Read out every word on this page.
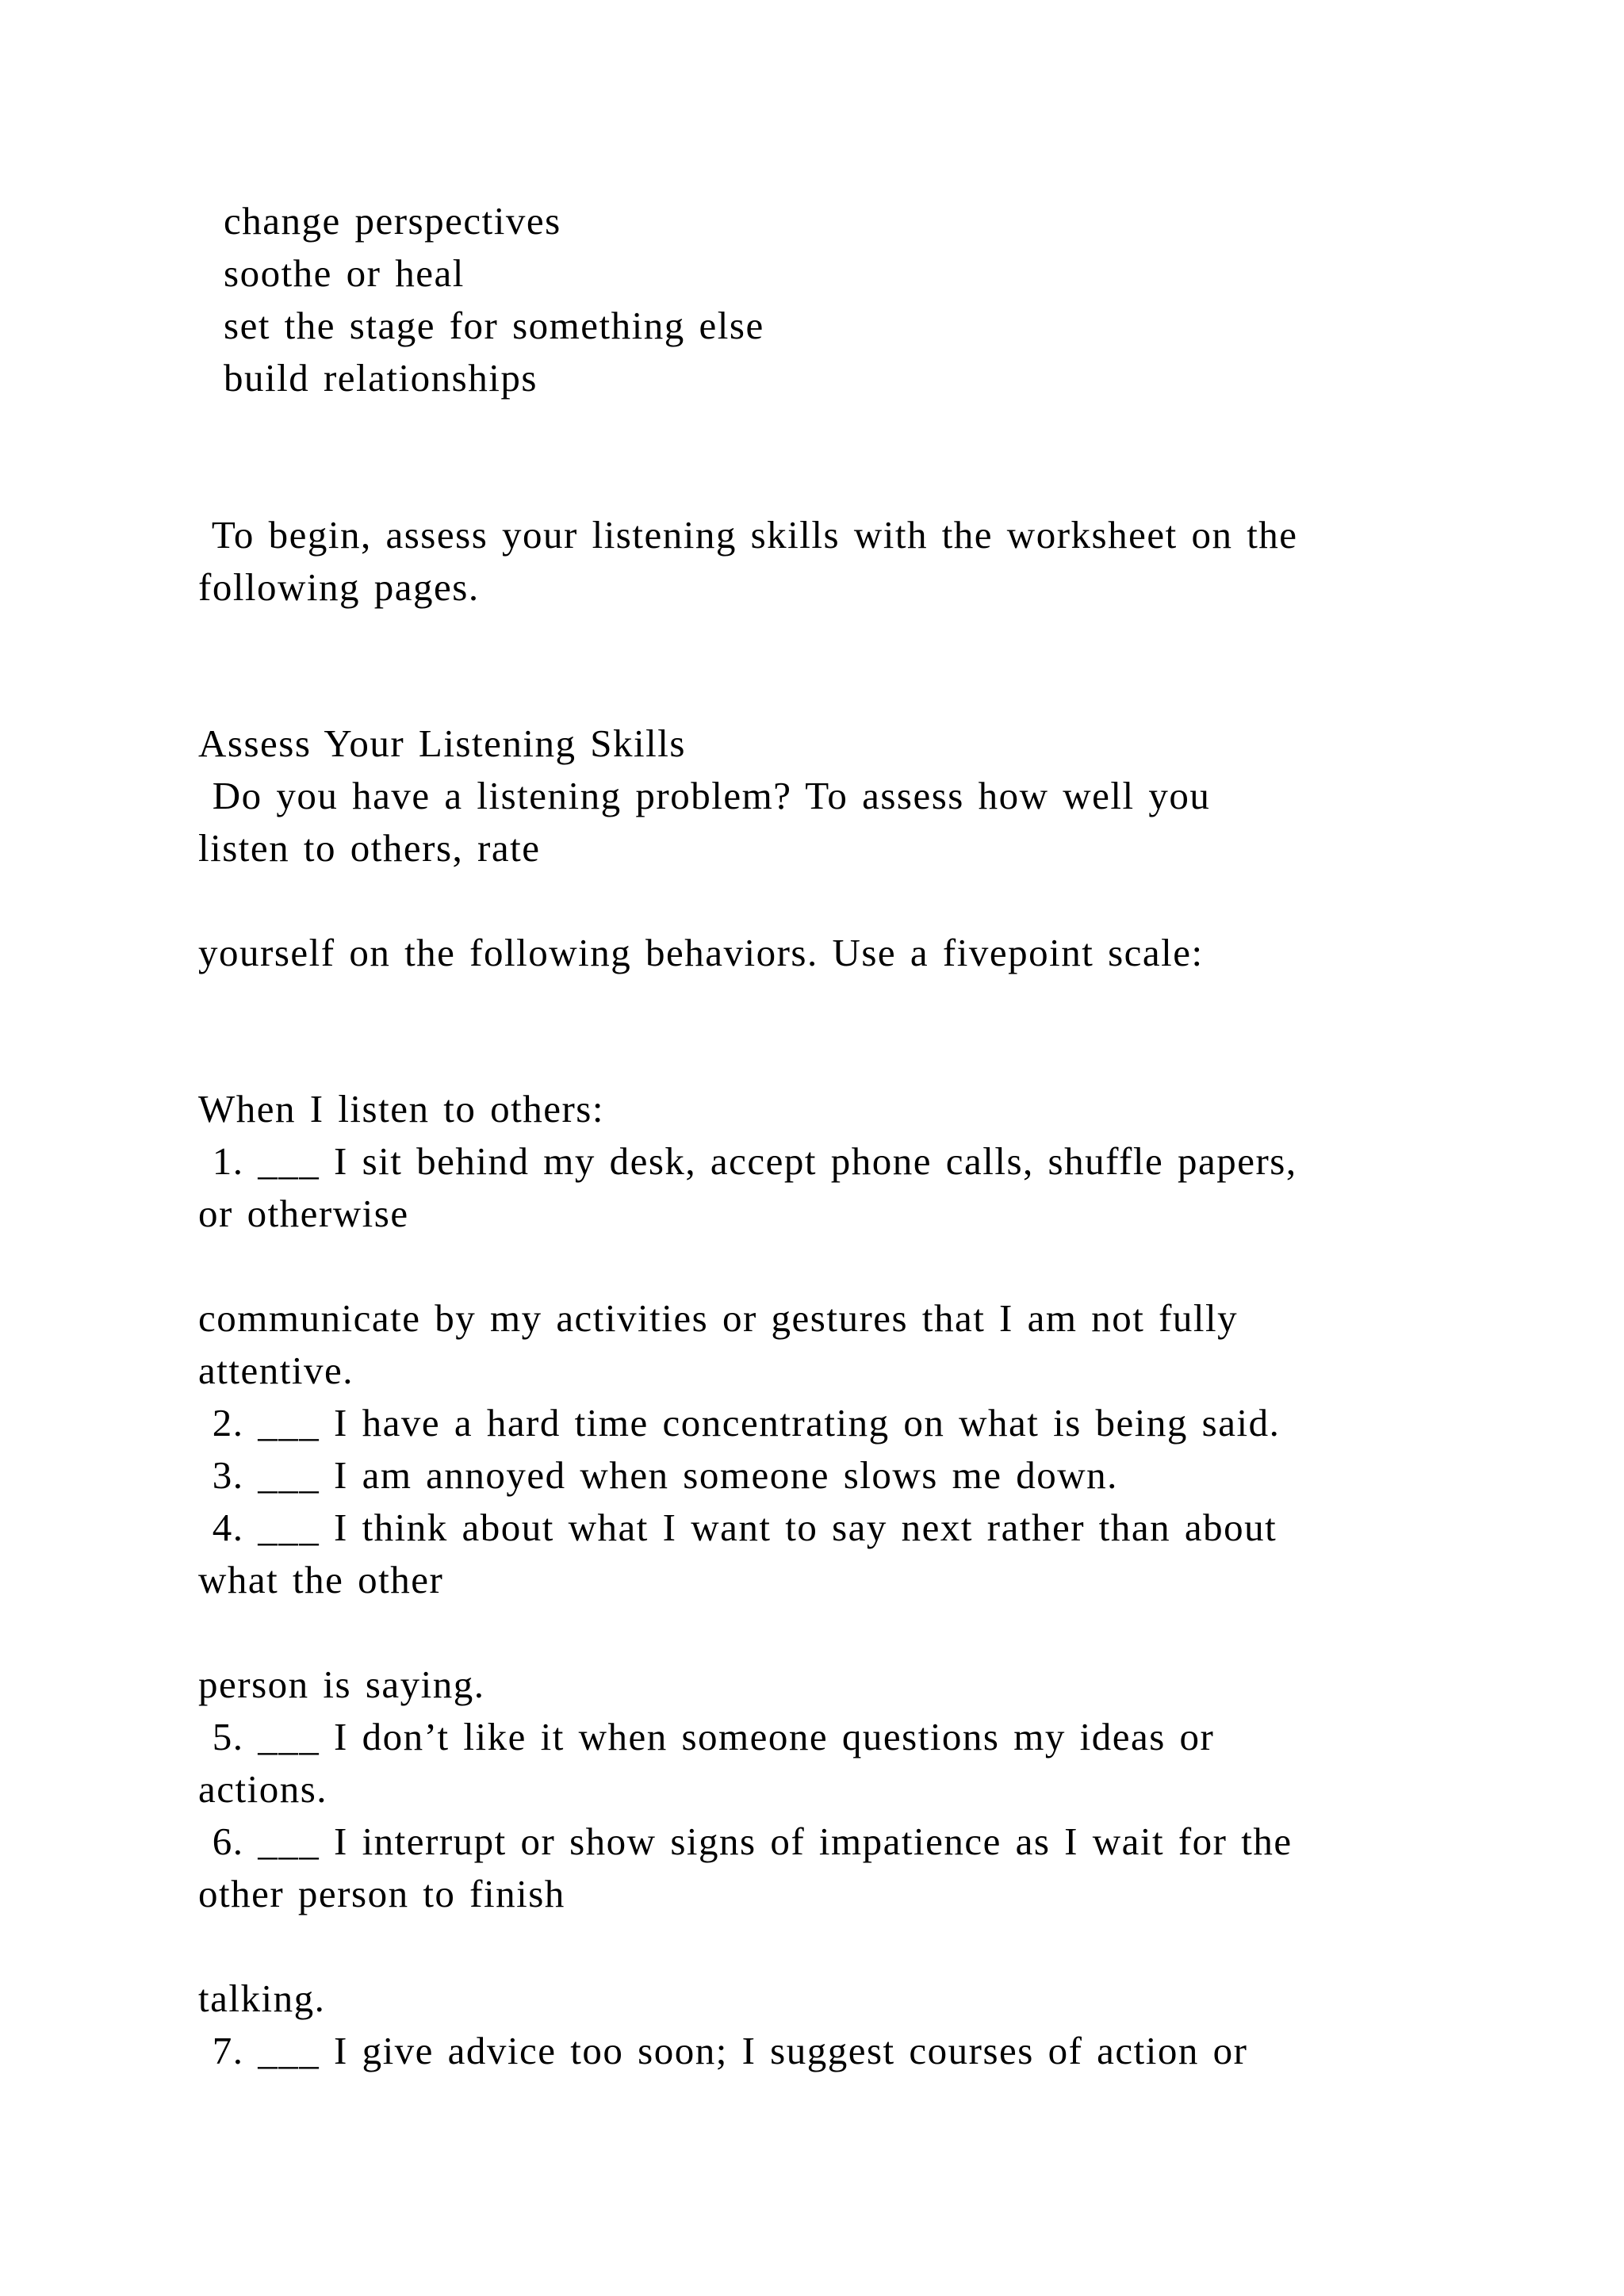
change perspectives
soothe or heal
set the stage for something else
build relationships
To begin, assess your listening skills with the worksheet on the
following pages.
Assess Your Listening Skills
Do you have a listening problem? To assess how well you
listen to others, rate
yourself on the following behaviors. Use a fivepoint scale:
When I listen to others:
1. ___ I sit behind my desk, accept phone calls, shuffle papers,
or otherwise
communicate by my activities or gestures that I am not fully
attentive.
2. ___ I have a hard time concentrating on what is being said.
3. ___ I am annoyed when someone slows me down.
4. ___ I think about what I want to say next rather than about
what the other
person is saying.
5. ___ I don’t like it when someone questions my ideas or
actions.
6. ___ I interrupt or show signs of impatience as I wait for the
other person to finish
talking.
7. ___ I give advice too soon; I suggest courses of action or
